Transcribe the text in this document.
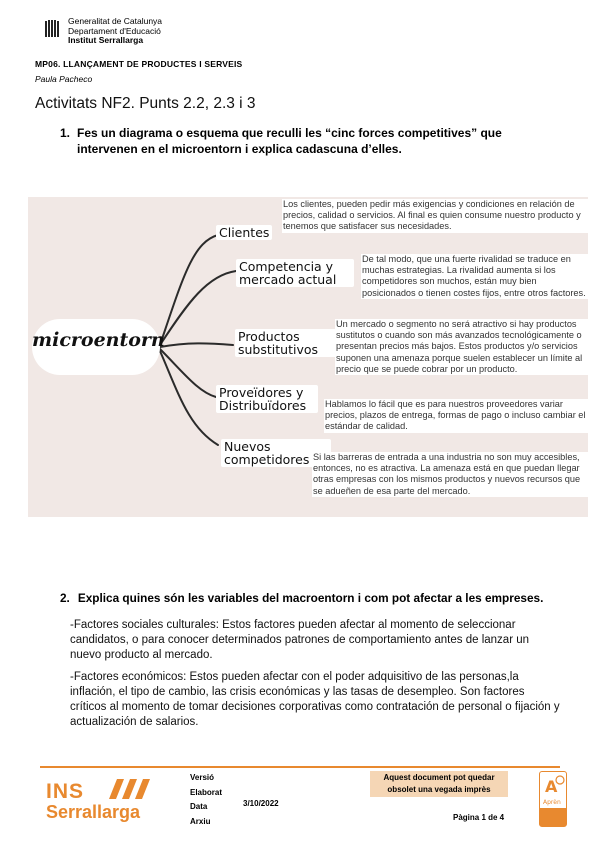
Generalitat de Catalunya
Departament d'Educació
Institut Serrallarga
MP06. LLANÇAMENT DE PRODUCTES I SERVEIS
Paula Pacheco
Activitats NF2. Punts 2.2, 2.3 i 3
1. Fes un diagrama o esquema que reculli les “cinc forces competitives” que intervenen en el microentorn i explica cadascuna d’elles.
microentorn
Clientes
Competencia y mercado actual
Productos substitutivos
Proveïdores y Distribuïdores
Nuevos competidores
Los clientes, pueden pedir más exigencias y condiciones en relación de precios, calidad o servicios. Al final es quien consume nuestro producto y tenemos que satisfacer sus necesidades.
De tal modo, que una fuerte rivalidad se traduce en muchas estrategias. La rivalidad aumenta si los competidores son muchos, están muy bien posicionados o tienen costes fijos, entre otros factores.
Un mercado o segmento no será atractivo si hay productos sustitutos o cuando son más avanzados tecnológicamente o presentan precios más bajos. Estos productos y/o servicios suponen una amenaza porque suelen establecer un límite al precio que se puede cobrar por un producto.
Hablamos lo fácil que es para nuestros proveedores variar precios, plazos de entrega, formas de pago o incluso cambiar el estándar de calidad.
Si las barreras de entrada a una industria no son muy accesibles, entonces, no es atractiva. La amenaza está en que puedan llegar otras empresas con los mismos productos y nuevos recursos que se adueñen de esa parte del mercado.
2. Explica quines són les variables del macroentorn i com pot afectar a les empreses.
-Factores sociales culturales: Estos factores pueden afectar al momento de seleccionar candidatos, o para conocer determinados patrones de comportamiento antes de lanzar un nuevo producto al mercado.
-Factores económicos: Estos pueden afectar con el poder adquisitivo de las personas,la inflación, el tipo de cambio, las crisis económicas y las tasas de desempleo. Son factores críticos al momento de tomar decisiones corporativas como contratación de personal o fijación y actualización de salarios.
INS
Serrallarga
Versió
Elaborat
Data
Arxiu
3/10/2022
Aquest document pot quedar obsolet una vegada imprès
Pàgina 1 de 4
A
Aprèn
